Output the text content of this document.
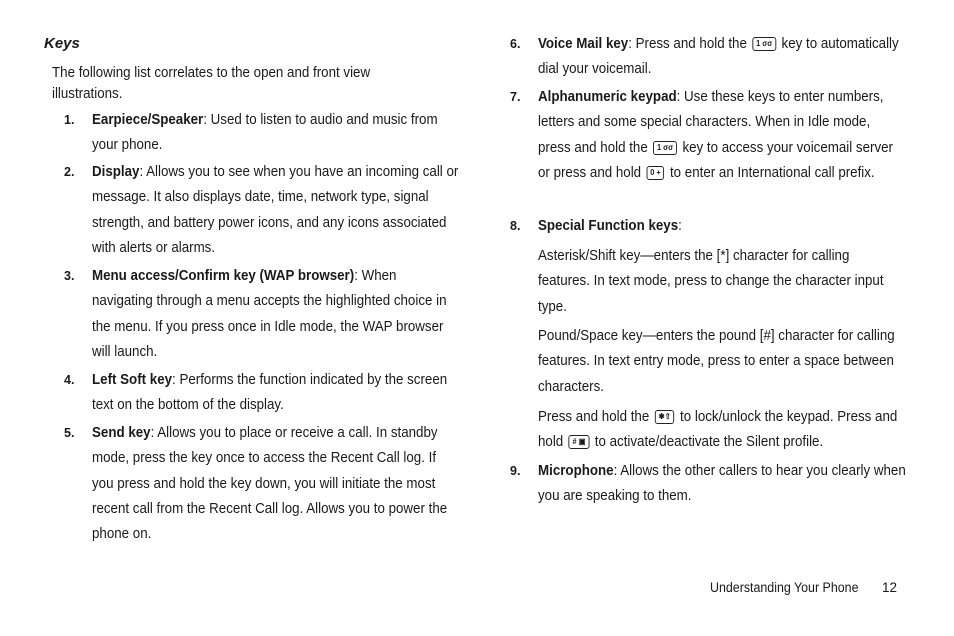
Keys
The following list correlates to the open and front view illustrations.
1. Earpiece/Speaker: Used to listen to audio and music from your phone.
2. Display: Allows you to see when you have an incoming call or message. It also displays date, time, network type, signal strength, and battery power icons, and any icons associated with alerts or alarms.
3. Menu access/Confirm key (WAP browser): When navigating through a menu accepts the highlighted choice in the menu. If you press once in Idle mode, the WAP browser will launch.
4. Left Soft key: Performs the function indicated by the screen text on the bottom of the display.
5. Send key: Allows you to place or receive a call. In standby mode, press the key once to access the Recent Call log. If you press and hold the key down, you will initiate the most recent call from the Recent Call log. Allows you to power the phone on.
6. Voice Mail key: Press and hold the 1 σσ key to automatically dial your voicemail.
7. Alphanumeric keypad: Use these keys to enter numbers, letters and some special characters. When in Idle mode, press and hold the 1 σσ key to access your voicemail server or press and hold 0 + to enter an International call prefix.
8. Special Function keys:
Asterisk/Shift key—enters the [*] character for calling features. In text mode, press to change the character input type.
Pound/Space key—enters the pound [#] character for calling features. In text entry mode, press to enter a space between characters.
Press and hold the ✱⇧ to lock/unlock the keypad. Press and hold # ▣ to activate/deactivate the Silent profile.
9. Microphone: Allows the other callers to hear you clearly when you are speaking to them.
Understanding Your Phone 12
